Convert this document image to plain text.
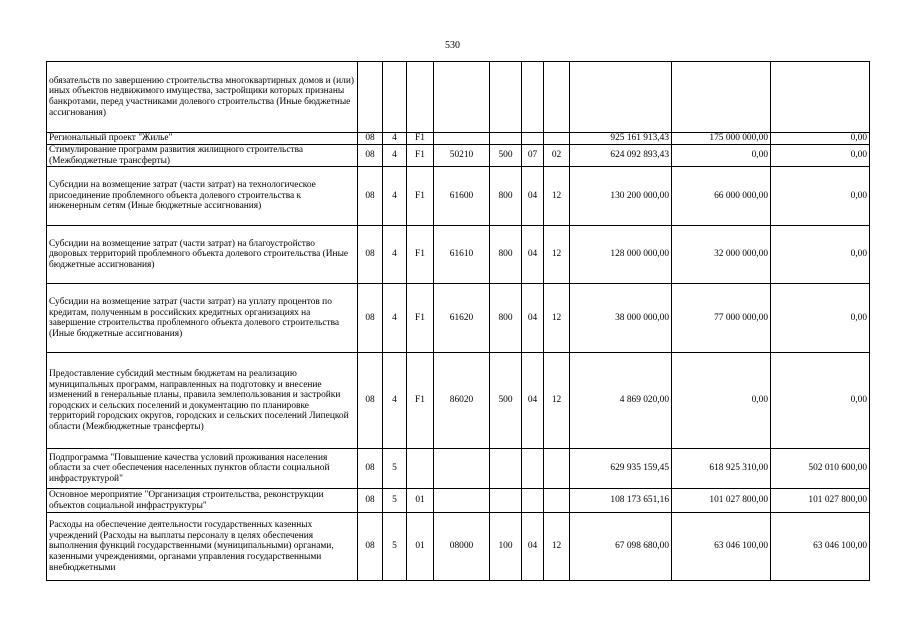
530
обязательств по завершению строительства многоквартирных домов и (или) иных объектов недвижимого имущества, застройщики которых признаны банкротами, перед участниками долевого строительства (Иные бюджетные ассигнования)										
Региональный проект "Жилье"	08	4	F1					925 161 913,43	175 000 000,00	0,00
Стимулирование программ развития жилищного строительства (Межбюджетные трансферты)	08	4	F1	50210	500	07	02	624 092 893,43	0,00	0,00
Субсидии на возмещение затрат (части затрат) на технологическое присоединение проблемного объекта долевого строительства к инженерным сетям (Иные бюджетные ассигнования)	08	4	F1	61600	800	04	12	130 200 000,00	66 000 000,00	0,00
Субсидии на возмещение затрат (части затрат) на благоустройство дворовых территорий проблемного объекта долевого строительства (Иные бюджетные ассигнования)	08	4	F1	61610	800	04	12	128 000 000,00	32 000 000,00	0,00
Субсидии на возмещение затрат (части затрат) на уплату процентов по кредитам, полученным в российских кредитных организациях на завершение строительства проблемного объекта долевого строительства (Иные бюджетные ассигнования)	08	4	F1	61620	800	04	12	38 000 000,00	77 000 000,00	0,00
Предоставление субсидий местным бюджетам на реализацию муниципальных программ, направленных на подготовку и внесение изменений в генеральные планы, правила землепользования и застройки городских и сельских поселений и документацию по планировке территорий городских округов, городских и сельских поселений Липецкой области (Межбюджетные трансферты)	08	4	F1	86020	500	04	12	4 869 020,00	0,00	0,00
Подпрограмма "Повышение качества условий проживания населения области за счет обеспечения населенных пунктов области социальной инфраструктурой"	08	5						629 935 159,45	618 925 310,00	502 010 600,00
Основное мероприятие "Организация строительства, реконструкции объектов социальной инфраструктуры"	08	5	01					108 173 651,16	101 027 800,00	101 027 800,00
Расходы на обеспечение деятельности государственных казенных учреждений (Расходы на выплаты персоналу в целях обеспечения выполнения функций государственными (муниципальными) органами, казенными учреждениями, органами управления государственными внебюджетными	08	5	01	08000	100	04	12	67 098 680,00	63 046 100,00	63 046 100,00
